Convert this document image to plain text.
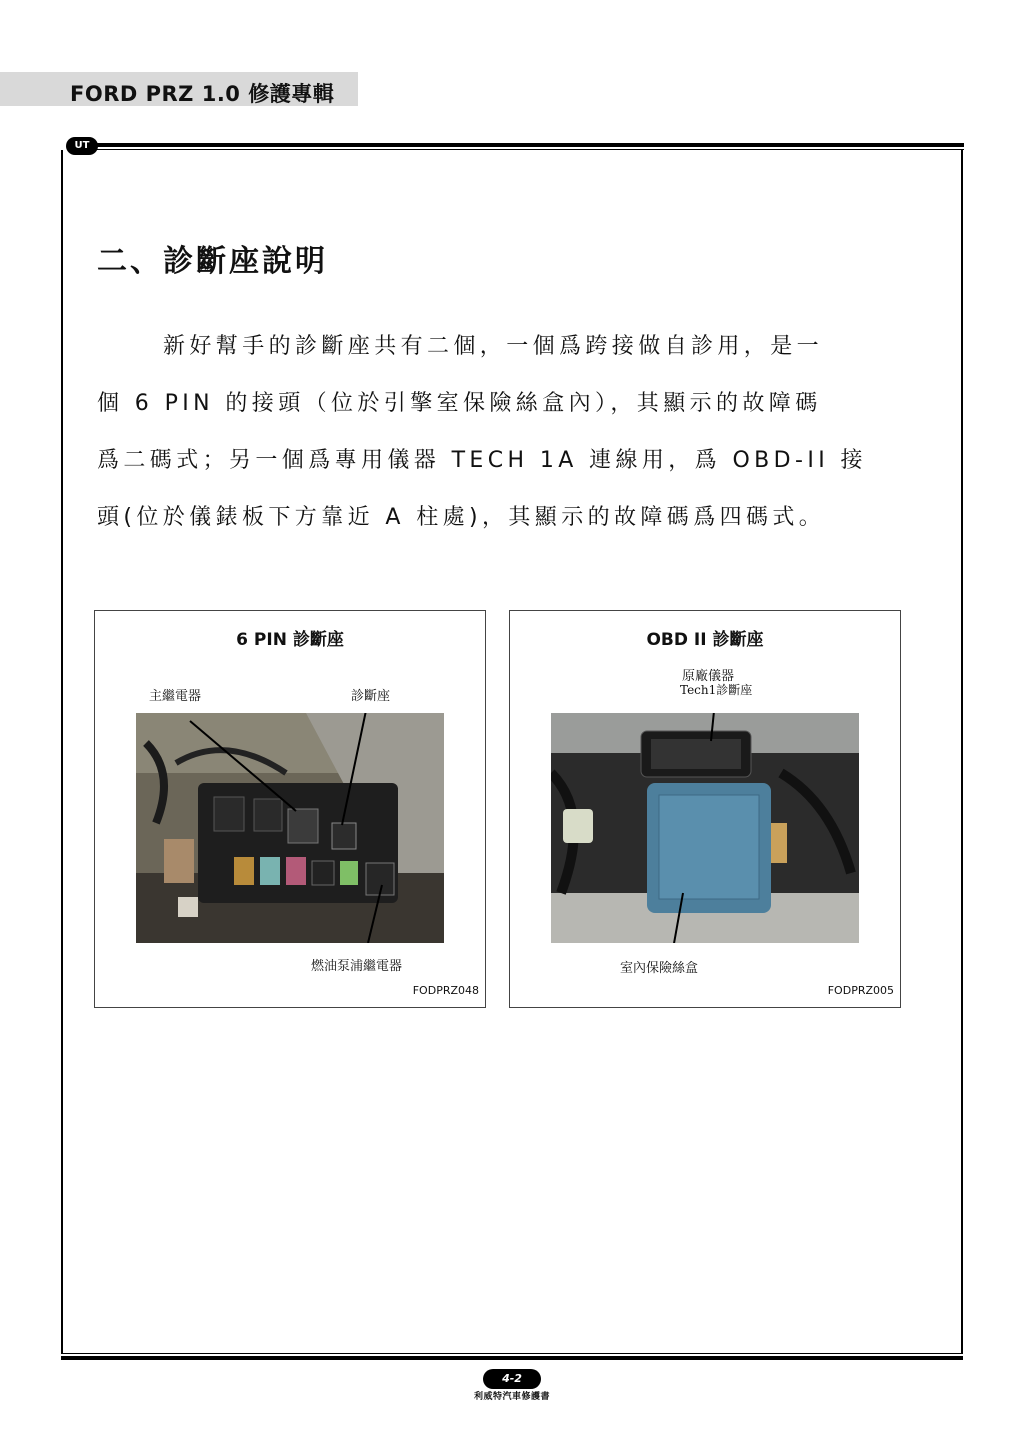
FORD PRZ 1.0 修護專輯
UT
二、診斷座說明
新好幫手的診斷座共有二個，一個爲跨接做自診用，是一
個 6 PIN 的接頭（位於引擎室保險絲盒內），其顯示的故障碼
爲二碼式；另一個爲專用儀器 TECH 1A 連線用，爲 OBD-II 接
頭(位於儀錶板下方靠近 A 柱處)，其顯示的故障碼爲四碼式。
6 PIN 診斷座
主繼電器	診斷座
燃油泵浦繼電器
FODPRZ048
OBD II 診斷座
原廠儀器
Tech1診斷座
室內保險絲盒
FODPRZ005
4-2
利威特汽車修護書
